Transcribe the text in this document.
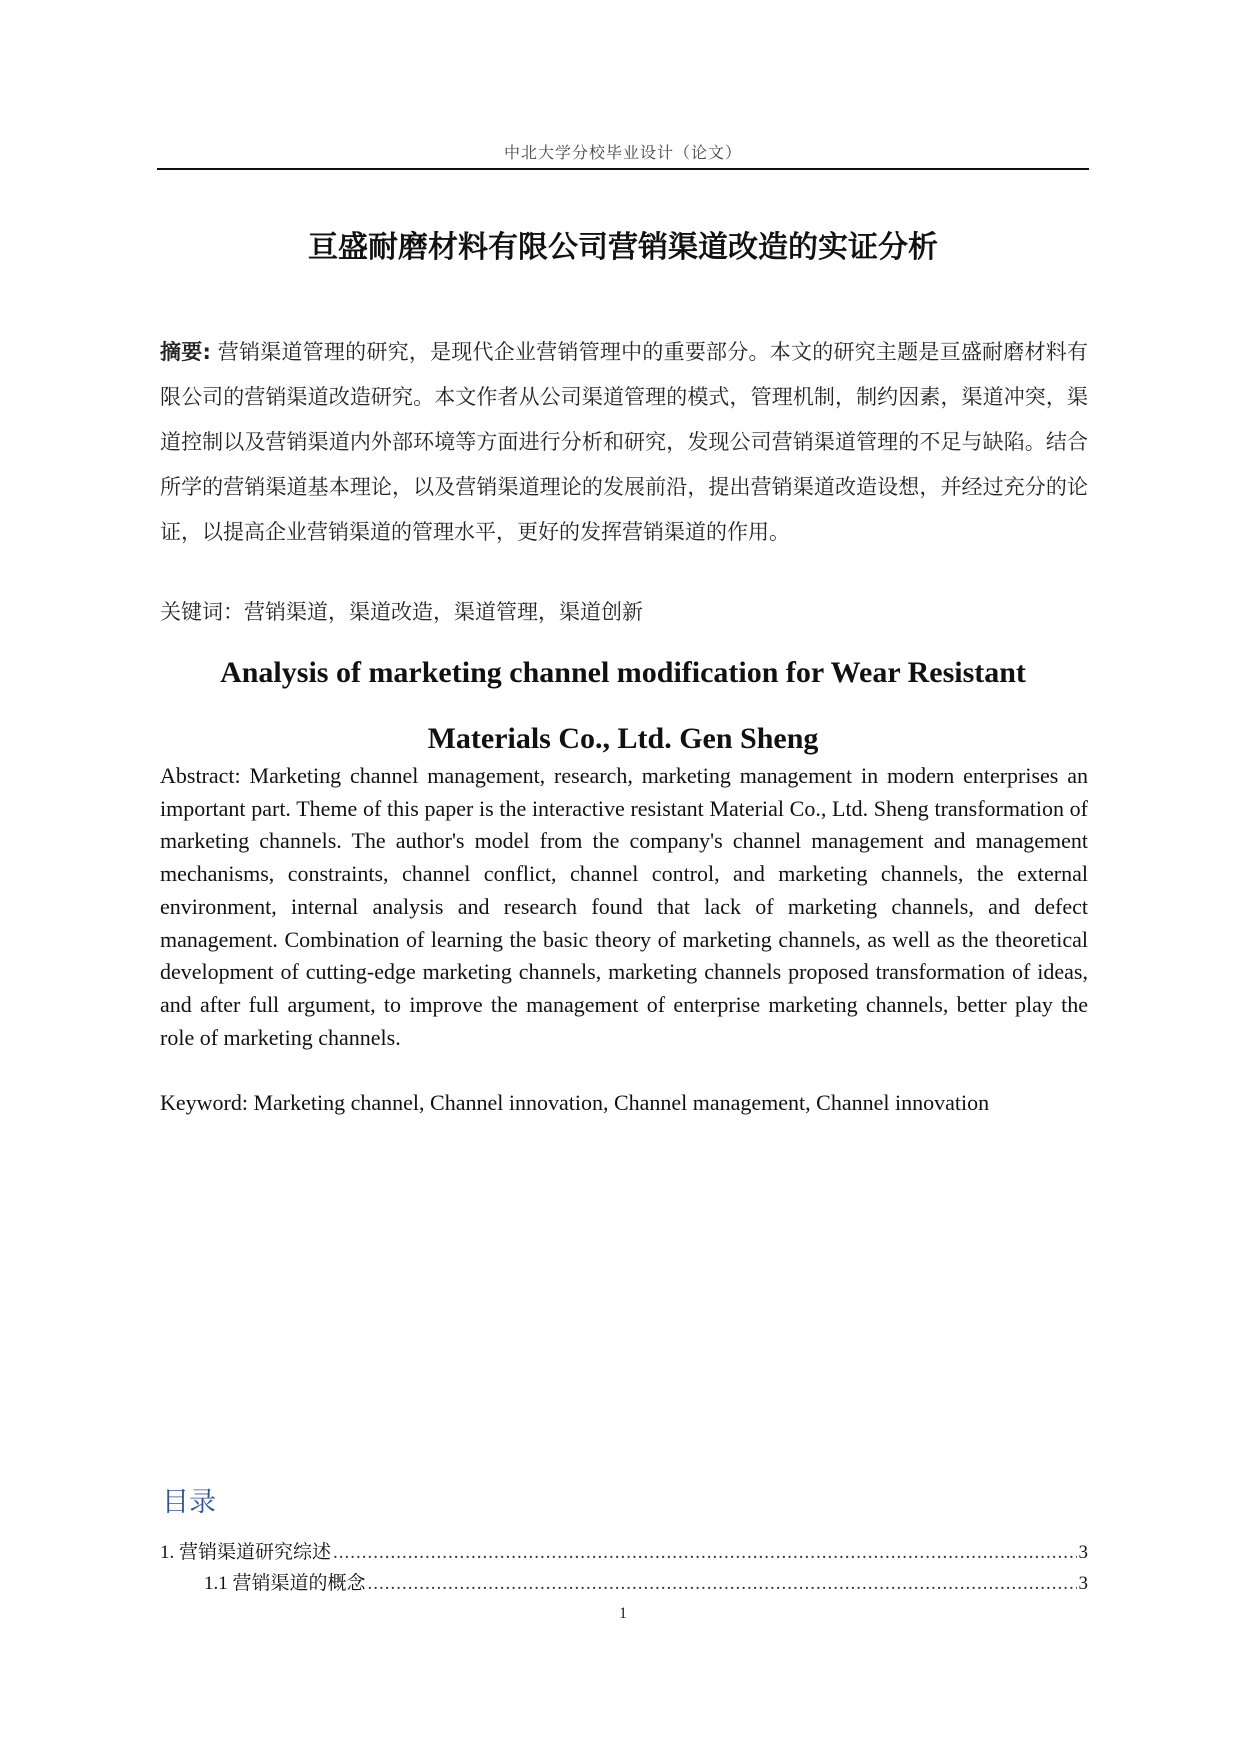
中北大学分校毕业设计（论文）
亘盛耐磨材料有限公司营销渠道改造的实证分析
摘要: 营销渠道管理的研究，是现代企业营销管理中的重要部分。本文的研究主题是亘盛耐磨材料有限公司的营销渠道改造研究。本文作者从公司渠道管理的模式，管理机制，制约因素，渠道冲突，渠道控制以及营销渠道内外部环境等方面进行分析和研究，发现公司营销渠道管理的不足与缺陷。结合所学的营销渠道基本理论，以及营销渠道理论的发展前沿，提出营销渠道改造设想，并经过充分的论证，以提高企业营销渠道的管理水平，更好的发挥营销渠道的作用。
关键词：营销渠道，渠道改造，渠道管理，渠道创新
Analysis of marketing channel modification for Wear Resistant
Materials Co., Ltd. Gen Sheng
Abstract: Marketing channel management, research, marketing management in modern enterprises an important part. Theme of this paper is the interactive resistant Material Co., Ltd. Sheng transformation of marketing channels. The author's model from the company's channel management and management mechanisms, constraints, channel conflict, channel control, and marketing channels, the external environment, internal analysis and research found that lack of marketing channels, and defect management. Combination of learning the basic theory of marketing channels, as well as the theoretical development of cutting-edge marketing channels, marketing channels proposed transformation of ideas, and after full argument, to improve the management of enterprise marketing channels, better play the role of marketing channels.
Keyword: Marketing channel, Channel innovation, Channel management, Channel innovation
目录
1. 营销渠道研究综述 .....	3
1.1 营销渠道的概念 .....	3
1
